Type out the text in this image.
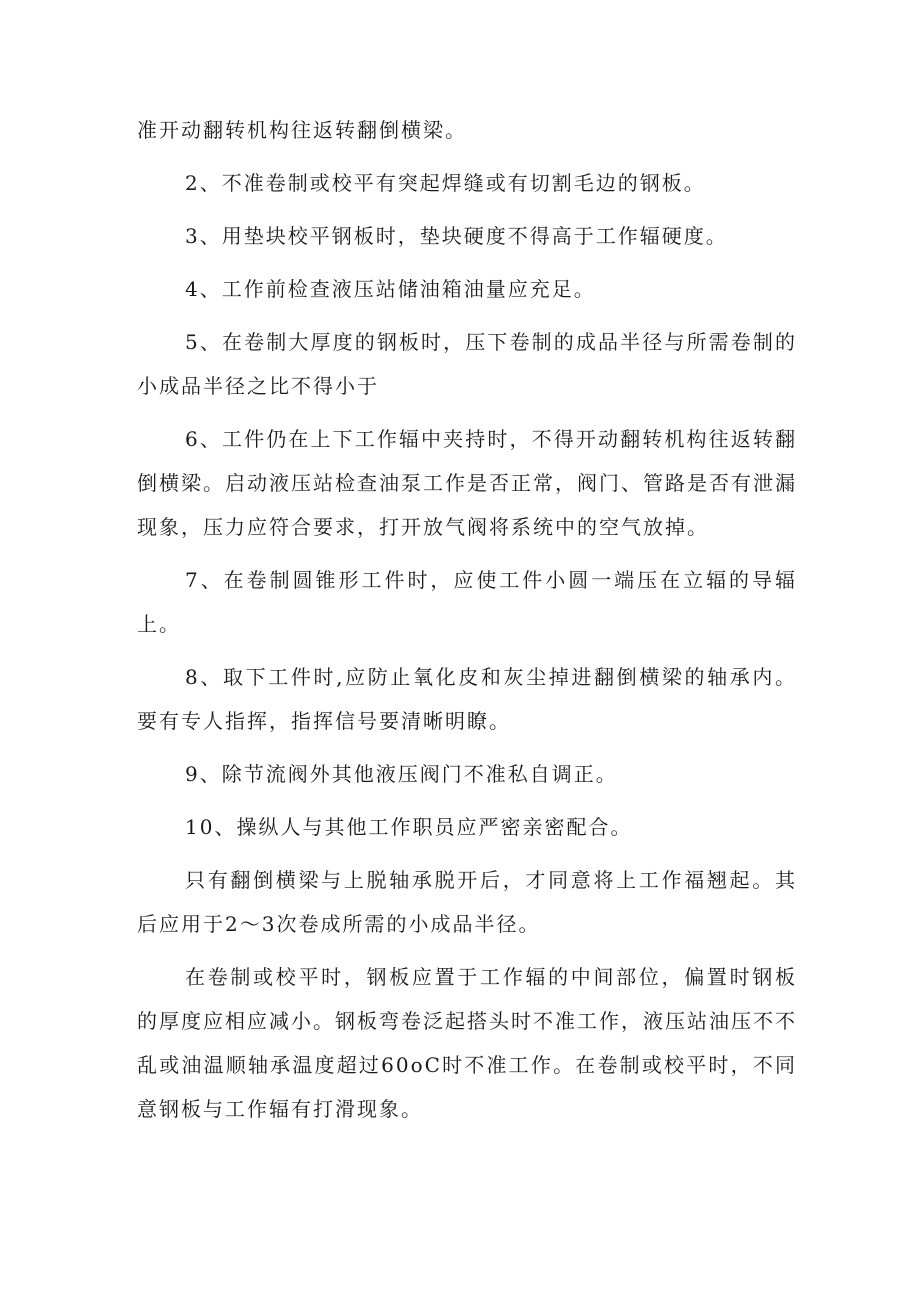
准开动翻转机构往返转翻倒横梁。

2、不准卷制或校平有突起焊缝或有切割毛边的钢板。

3、用垫块校平钢板时，垫块硬度不得高于工作辐硬度。

4、工作前检查液压站储油箱油量应充足。

5、在卷制大厚度的钢板时，压下卷制的成品半径与所需卷制的小成品半径之比不得小于

6、工件仍在上下工作辐中夹持时，不得开动翻转机构往返转翻倒横梁。启动液压站检查油泵工作是否正常，阀门、管路是否有泄漏现象，压力应符合要求，打开放气阀将系统中的空气放掉。

7、在卷制圆锥形工件时，应使工件小圆一端压在立辐的导辐上。

8、取下工件时,应防止氧化皮和灰尘掉进翻倒横梁的轴承内。要有专人指挥，指挥信号要清晰明瞭。

9、除节流阀外其他液压阀门不准私自调正。

10、操纵人与其他工作职员应严密亲密配合。

只有翻倒横梁与上脱轴承脱开后，才同意将上工作福翘起。其后应用于2〜3次卷成所需的小成品半径。

在卷制或校平时，钢板应置于工作辐的中间部位，偏置时钢板的厚度应相应减小。钢板弯卷泛起搭头时不准工作，液压站油压不不乱或油温顺轴承温度超过60oC时不准工作。在卷制或校平时，不同意钢板与工作辐有打滑现象。
